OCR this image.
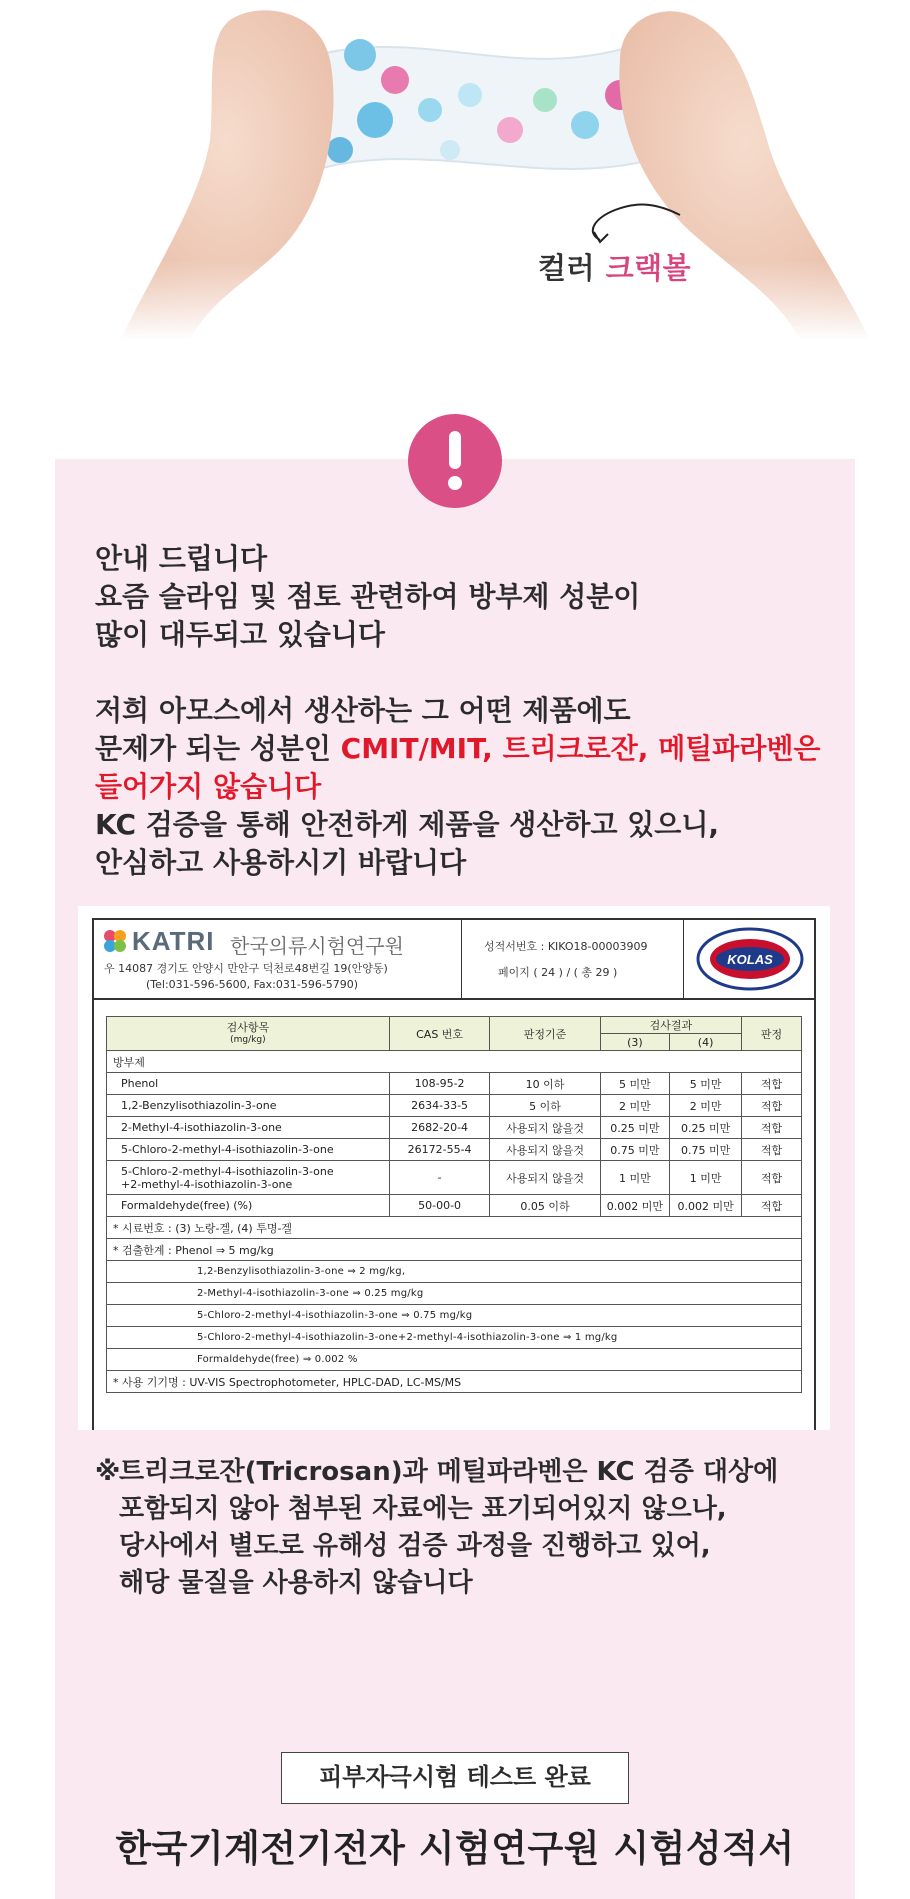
컬러 크랙볼

안내 드립니다

요즘 슬라임 및 점토 관련하여 방부제 성분이

많이 대두되고 있습니다

저희 아모스에서 생산하는 그 어떤 제품에도

문제가 되는 성분인 CMIT/MIT, 트리크로잔, 메틸파라벤은

들어가지 않습니다

KC 검증을 통해 안전하게 제품을 생산하고 있으니,

안심하고 사용하시기 바랍니다

KATRI 한국의류시험연구원
우 14087 경기도 안양시 만안구 덕천로48번길 19(안양동)
(Tel:031-596-5600, Fax:031-596-5790)
성적서번호 : KIKO18-00003909
페이지 ( 24 ) / ( 총 29 )
KOLAS
검사항목
(mg/kg)	CAS 번호	판정기준	검사결과		판정
			(3)	(4)	
방부제					
Phenol	108-95-2	10 이하	5 미만	5 미만	적합
1,2-Benzylisothiazolin-3-one	2634-33-5	5 이하	2 미만	2 미만	적합
2-Methyl-4-isothiazolin-3-one	2682-20-4	사용되지 않을것	0.25 미만	0.25 미만	적합
5-Chloro-2-methyl-4-isothiazolin-3-one	26172-55-4	사용되지 않을것	0.75 미만	0.75 미만	적합
5-Chloro-2-methyl-4-isothiazolin-3-one
+2-methyl-4-isothiazolin-3-one	-	사용되지 않을것	1 미만	1 미만	적합
Formaldehyde(free) (%)	50-00-0	0.05 이하	0.002 미만	0.002 미만	적합
* 시료번호 : (3) 노랑-겔, (4) 투명-겔					
* 검출한계 : Phenol ⇒ 5 mg/kg					
1,2-Benzylisothiazolin-3-one ⇒ 2 mg/kg,					
2-Methyl-4-isothiazolin-3-one ⇒ 0.25 mg/kg					
5-Chloro-2-methyl-4-isothiazolin-3-one ⇒ 0.75 mg/kg					
5-Chloro-2-methyl-4-isothiazolin-3-one+2-methyl-4-isothiazolin-3-one ⇒ 1 mg/kg					
Formaldehyde(free) ⇒ 0.002 %					
* 사용 기기명 : UV-VIS Spectrophotometer, HPLC-DAD, LC-MS/MS					
※
트리크로잔(Tricrosan)과 메틸파라벤은 KC 검증 대상에
포함되지 않아 첨부된 자료에는 표기되어있지 않으나,
당사에서 별도로 유해성 검증 과정을 진행하고 있어,
해당 물질을 사용하지 않습니다
피부자극시험 테스트 완료
한국기계전기전자 시험연구원 시험성적서
